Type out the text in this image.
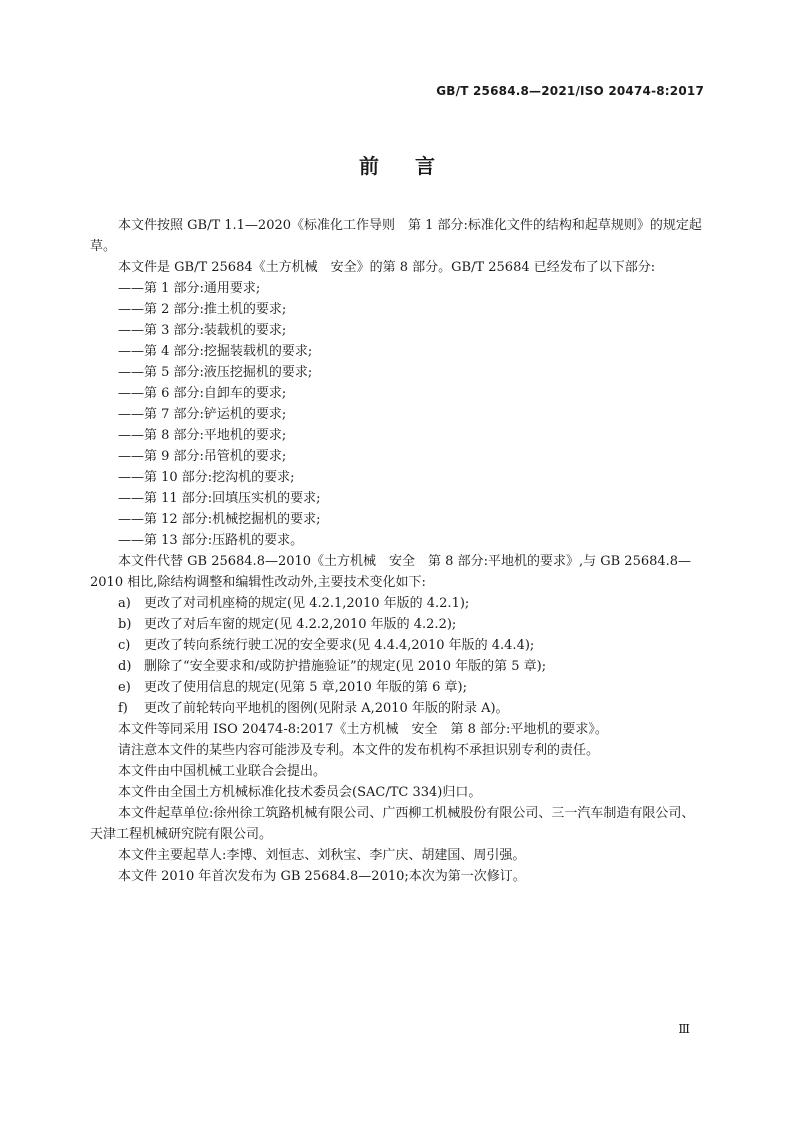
GB/T 25684.8—2021/ISO 20474-8:2017
前言

本文件按照 GB/T 1.1—2020《标准化工作导则　第 1 部分:标准化文件的结构和起草规则》的规定起草。

本文件是 GB/T 25684《土方机械　安全》的第 8 部分。GB/T 25684 已经发布了以下部分:

——第 1 部分:通用要求;
——第 2 部分:推土机的要求;
——第 3 部分:装载机的要求;
——第 4 部分:挖掘装载机的要求;
——第 5 部分:液压挖掘机的要求;
——第 6 部分:自卸车的要求;
——第 7 部分:铲运机的要求;
——第 8 部分:平地机的要求;
——第 9 部分:吊管机的要求;
——第 10 部分:挖沟机的要求;
——第 11 部分:回填压实机的要求;
——第 12 部分:机械挖掘机的要求;
——第 13 部分:压路机的要求。

本文件代替 GB 25684.8—2010《土方机械　安全　第 8 部分:平地机的要求》,与 GB 25684.8—2010 相比,除结构调整和编辑性改动外,主要技术变化如下:

a)	更改了对司机座椅的规定(见 4.2.1,2010 年版的 4.2.1);
b) 更改了对后车窗的规定(见 4.2.2,2010 年版的 4.2.2);
c)	更改了转向系统行驶工况的安全要求(见 4.4.4,2010 年版的 4.4.4);
d) 删除了“安全要求和/或防护措施验证”的规定(见 2010 年版的第 5 章);
e)	更改了使用信息的规定(见第 5 章,2010 年版的第 6 章);
f)	更改了前轮转向平地机的图例(见附录 A,2010 年版的附录 A)。

本文件等同采用 ISO 20474-8:2017《土方机械　安全　第 8 部分:平地机的要求》。

请注意本文件的某些内容可能涉及专利。本文件的发布机构不承担识别专利的责任。

本文件由中国机械工业联合会提出。

本文件由全国土方机械标准化技术委员会(SAC/TC 334)归口。

本文件起草单位:徐州徐工筑路机械有限公司、广西柳工机械股份有限公司、三一汽车制造有限公司、天津工程机械研究院有限公司。

本文件主要起草人:李博、刘恒志、刘秋宝、李广庆、胡建国、周引强。

本文件 2010 年首次发布为 GB 25684.8—2010;本次为第一次修订。

Ⅲ
